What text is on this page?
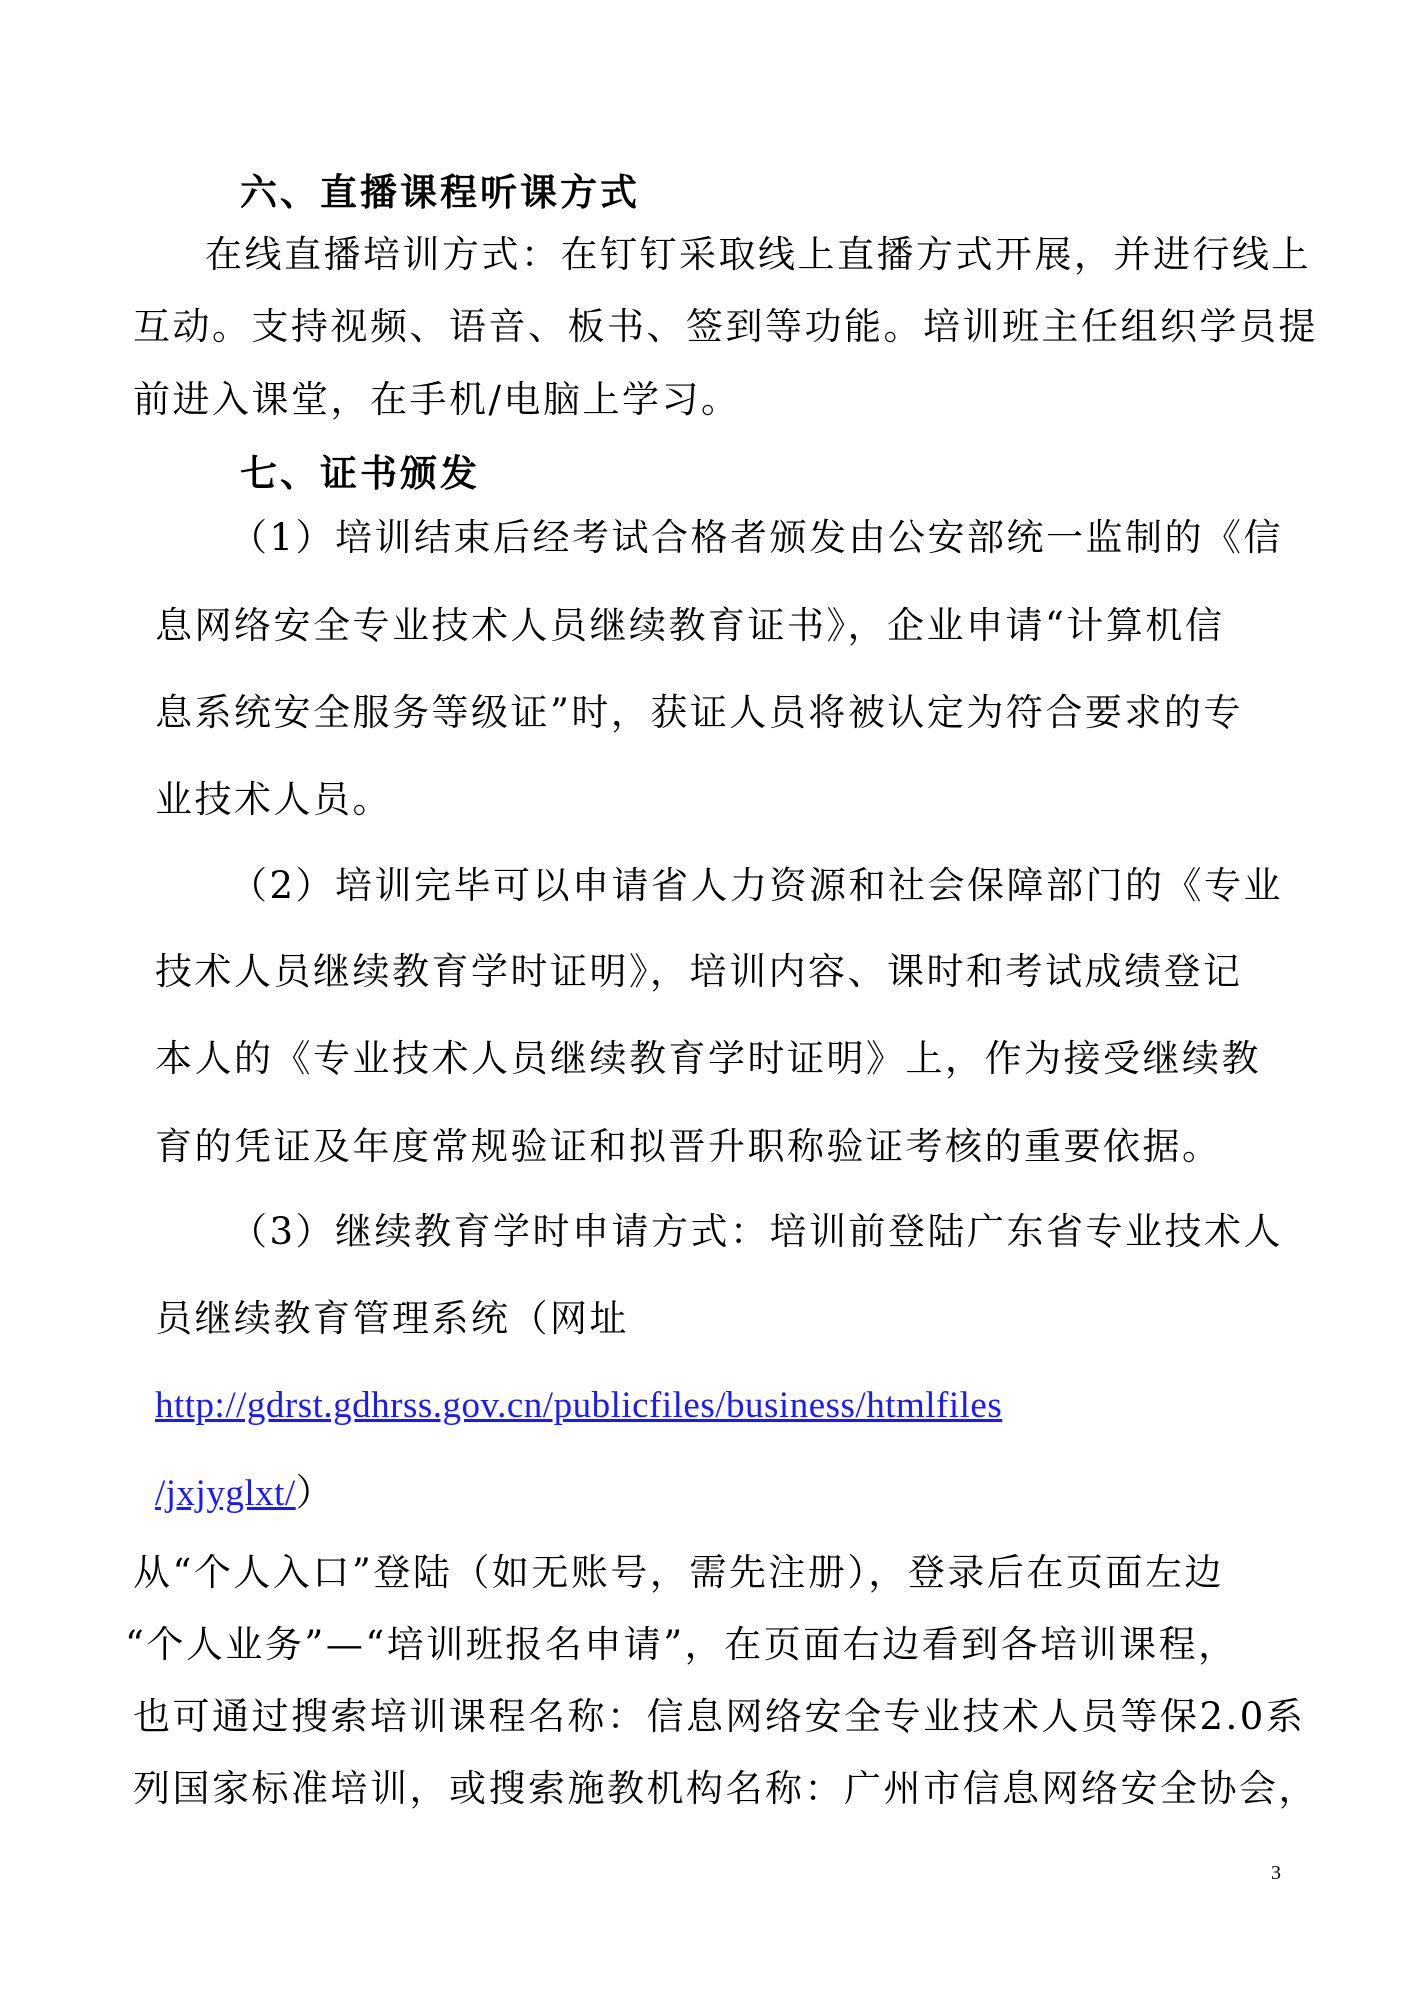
六、直播课程听课方式
在线直播培训方式：在钉钉采取线上直播方式开展，并进行线上
互动。支持视频、语音、板书、签到等功能。培训班主任组织学员提
前进入课堂，在手机/电脑上学习。
七、证书颁发
（1）培训结束后经考试合格者颁发由公安部统一监制的《信
息网络安全专业技术人员继续教育证书》，企业申请“计算机信
息系统安全服务等级证”时，获证人员将被认定为符合要求的专
业技术人员。
（2）培训完毕可以申请省人力资源和社会保障部门的《专业
技术人员继续教育学时证明》，培训内容、课时和考试成绩登记
本人的《专业技术人员继续教育学时证明》上，作为接受继续教
育的凭证及年度常规验证和拟晋升职称验证考核的重要依据。
（3）继续教育学时申请方式：培训前登陆广东省专业技术人
员继续教育管理系统（网址
http://gdrst.gdhrss.gov.cn/publicfiles/business/htmlfiles
/jxjyglxt/）
从“个人入口”登陆（如无账号，需先注册），登录后在页面左边
“个人业务”—“培训班报名申请”，在页面右边看到各培训课程，
也可通过搜索培训课程名称：信息网络安全专业技术人员等保2.0系
列国家标准培训，或搜索施教机构名称：广州市信息网络安全协会，
3
